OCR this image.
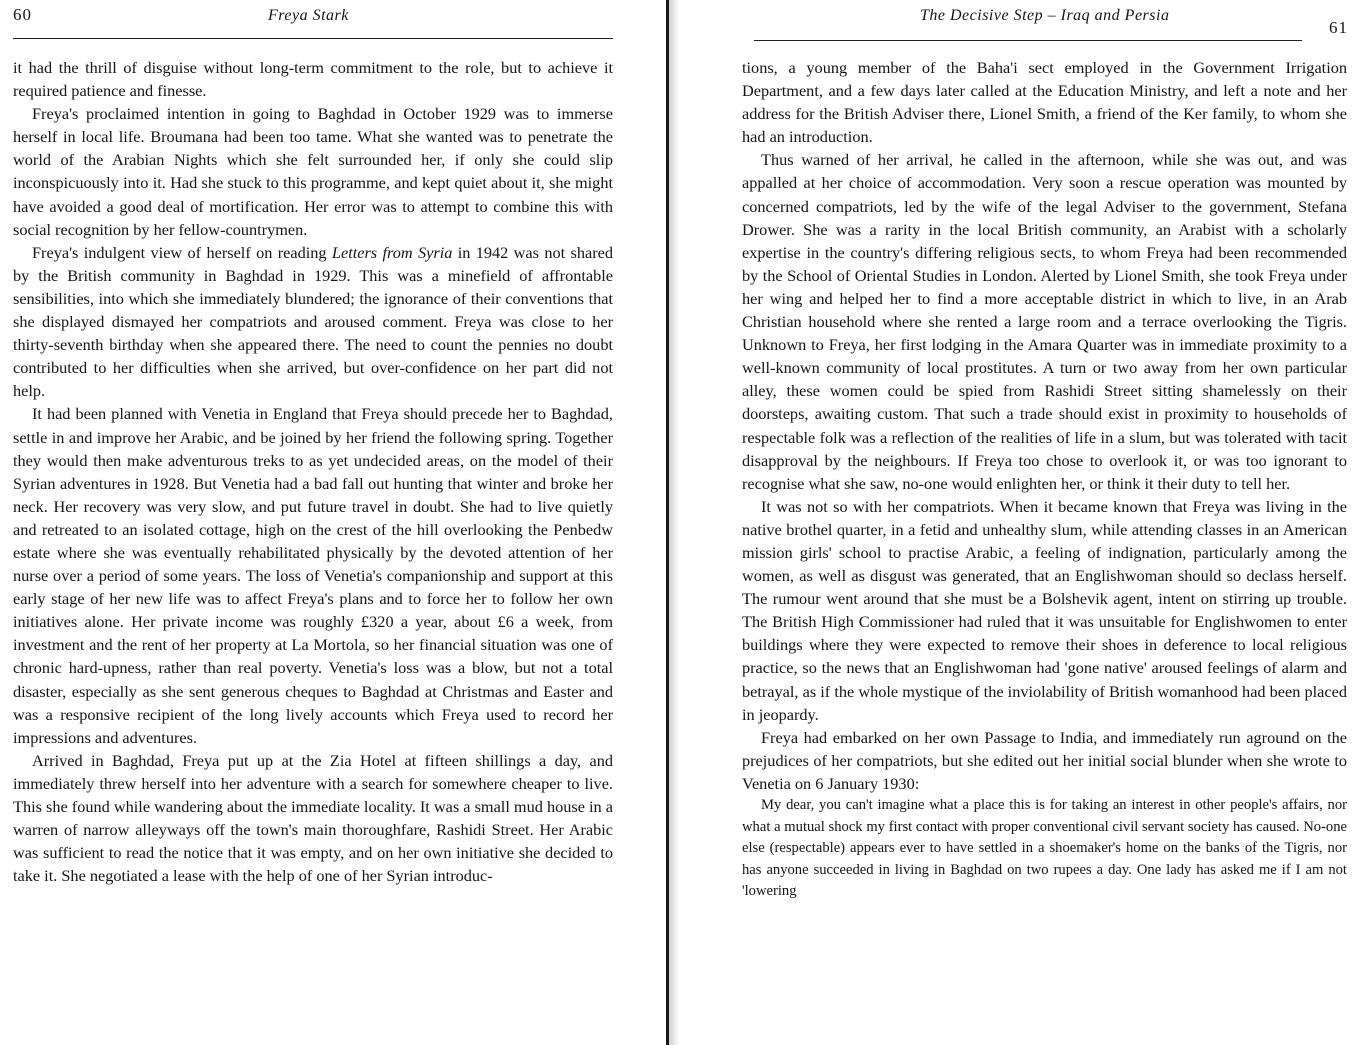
60	Freya Stark

it had the thrill of disguise without long-term commitment to the role, but to achieve it required patience and finesse.

Freya's proclaimed intention in going to Baghdad in October 1929 was to immerse herself in local life. Broumana had been too tame. What she wanted was to penetrate the world of the Arabian Nights which she felt surrounded her, if only she could slip inconspicuously into it. Had she stuck to this programme, and kept quiet about it, she might have avoided a good deal of mortification. Her error was to attempt to combine this with social recognition by her fellow-countrymen.

Freya's indulgent view of herself on reading Letters from Syria in 1942 was not shared by the British community in Baghdad in 1929. This was a minefield of affrontable sensibilities, into which she immediately blundered; the ignorance of their conventions that she displayed dismayed her compatriots and aroused comment. Freya was close to her thirty-seventh birthday when she appeared there. The need to count the pennies no doubt contributed to her difficulties when she arrived, but over-confidence on her part did not help.

It had been planned with Venetia in England that Freya should precede her to Baghdad, settle in and improve her Arabic, and be joined by her friend the following spring. Together they would then make adventurous treks to as yet undecided areas, on the model of their Syrian adventures in 1928. But Venetia had a bad fall out hunting that winter and broke her neck. Her recovery was very slow, and put future travel in doubt. She had to live quietly and retreated to an isolated cottage, high on the crest of the hill overlooking the Penbedw estate where she was eventually rehabilitated physically by the devoted attention of her nurse over a period of some years. The loss of Venetia's companionship and support at this early stage of her new life was to affect Freya's plans and to force her to follow her own initiatives alone. Her private income was roughly £320 a year, about £6 a week, from investment and the rent of her property at La Mortola, so her financial situation was one of chronic hard-upness, rather than real poverty. Venetia's loss was a blow, but not a total disaster, especially as she sent generous cheques to Baghdad at Christmas and Easter and was a responsive recipient of the long lively accounts which Freya used to record her impressions and adventures.

Arrived in Baghdad, Freya put up at the Zia Hotel at fifteen shillings a day, and immediately threw herself into her adventure with a search for somewhere cheaper to live. This she found while wandering about the immediate locality. It was a small mud house in a warren of narrow alleyways off the town's main thoroughfare, Rashidi Street. Her Arabic was sufficient to read the notice that it was empty, and on her own initiative she decided to take it. She negotiated a lease with the help of one of her Syrian introduc-

The Decisive Step – Iraq and Persia
61

tions, a young member of the Baha'i sect employed in the Government Irrigation Department, and a few days later called at the Education Ministry, and left a note and her address for the British Adviser there, Lionel Smith, a friend of the Ker family, to whom she had an introduction.

Thus warned of her arrival, he called in the afternoon, while she was out, and was appalled at her choice of accommodation. Very soon a rescue operation was mounted by concerned compatriots, led by the wife of the legal Adviser to the government, Stefana Drower. She was a rarity in the local British community, an Arabist with a scholarly expertise in the country's differing religious sects, to whom Freya had been recommended by the School of Oriental Studies in London. Alerted by Lionel Smith, she took Freya under her wing and helped her to find a more acceptable district in which to live, in an Arab Christian household where she rented a large room and a terrace overlooking the Tigris. Unknown to Freya, her first lodging in the Amara Quarter was in immediate proximity to a well-known community of local prostitutes. A turn or two away from her own particular alley, these women could be spied from Rashidi Street sitting shamelessly on their doorsteps, awaiting custom. That such a trade should exist in proximity to households of respectable folk was a reflection of the realities of life in a slum, but was tolerated with tacit disapproval by the neighbours. If Freya too chose to overlook it, or was too ignorant to recognise what she saw, no-one would enlighten her, or think it their duty to tell her.

It was not so with her compatriots. When it became known that Freya was living in the native brothel quarter, in a fetid and unhealthy slum, while attending classes in an American mission girls' school to practise Arabic, a feeling of indignation, particularly among the women, as well as disgust was generated, that an Englishwoman should so declass herself. The rumour went around that she must be a Bolshevik agent, intent on stirring up trouble. The British High Commissioner had ruled that it was unsuitable for Englishwomen to enter buildings where they were expected to remove their shoes in deference to local religious practice, so the news that an Englishwoman had 'gone native' aroused feelings of alarm and betrayal, as if the whole mystique of the inviolability of British womanhood had been placed in jeopardy.

Freya had embarked on her own Passage to India, and immediately run aground on the prejudices of her compatriots, but she edited out her initial social blunder when she wrote to Venetia on 6 January 1930:

My dear, you can't imagine what a place this is for taking an interest in other people's affairs, nor what a mutual shock my first contact with proper conventional civil servant society has caused. No-one else (respectable) appears ever to have settled in a shoemaker's home on the banks of the Tigris, nor has anyone succeeded in living in Baghdad on two rupees a day. One lady has asked me if I am not 'lowering
